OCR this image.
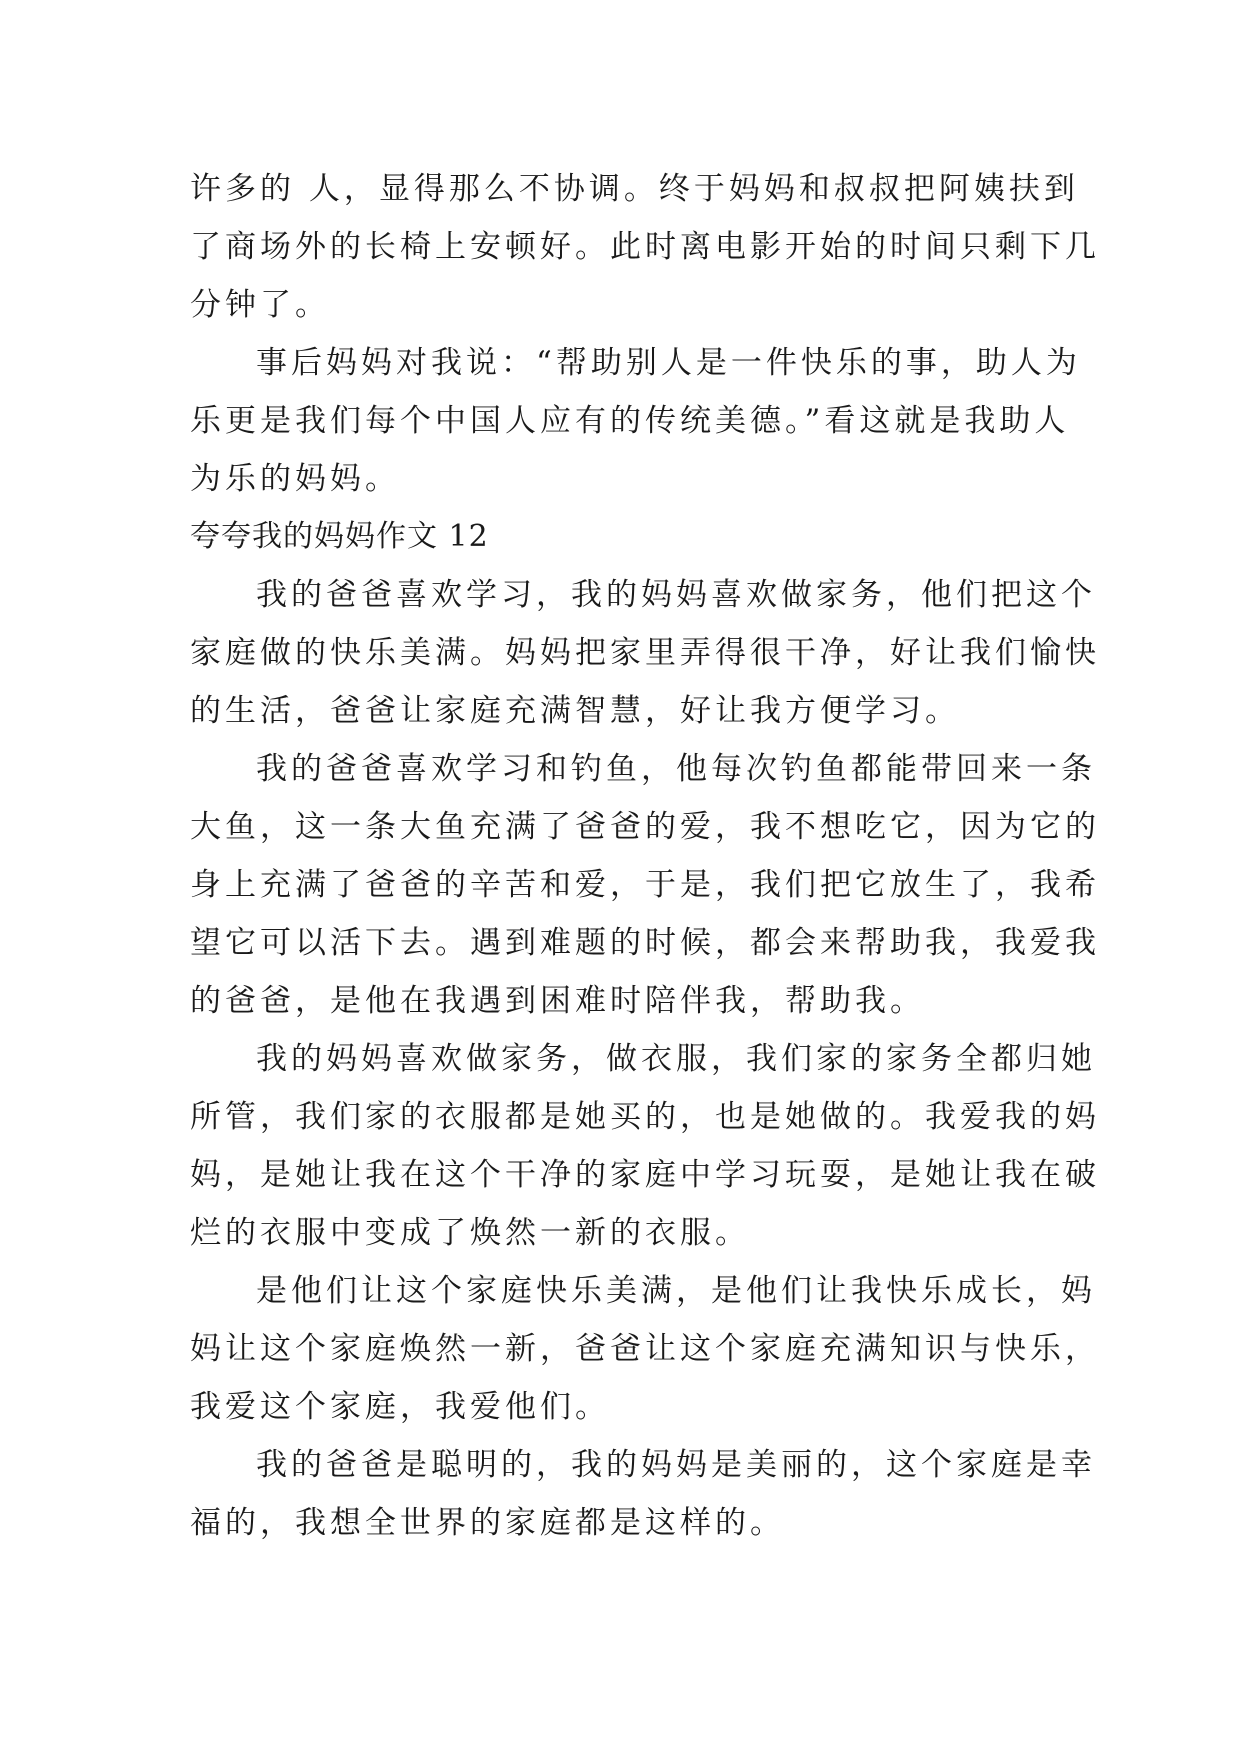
许多的 人，显得那么不协调。终于妈妈和叔叔把阿姨扶到
了商场外的长椅上安顿好。此时离电影开始的时间只剩下几
分钟了。
事后妈妈对我说：“帮助别人是一件快乐的事，助人为
乐更是我们每个中国人应有的传统美德。”看这就是我助人
为乐的妈妈。
夸夸我的妈妈作文 12
我的爸爸喜欢学习，我的妈妈喜欢做家务，他们把这个
家庭做的快乐美满。妈妈把家里弄得很干净，好让我们愉快
的生活，爸爸让家庭充满智慧，好让我方便学习。
我的爸爸喜欢学习和钓鱼，他每次钓鱼都能带回来一条
大鱼，这一条大鱼充满了爸爸的爱，我不想吃它，因为它的
身上充满了爸爸的辛苦和爱，于是，我们把它放生了，我希
望它可以活下去。遇到难题的时候，都会来帮助我，我爱我
的爸爸，是他在我遇到困难时陪伴我，帮助我。
我的妈妈喜欢做家务，做衣服，我们家的家务全都归她
所管，我们家的衣服都是她买的，也是她做的。我爱我的妈
妈，是她让我在这个干净的家庭中学习玩耍，是她让我在破
烂的衣服中变成了焕然一新的衣服。
是他们让这个家庭快乐美满，是他们让我快乐成长，妈
妈让这个家庭焕然一新，爸爸让这个家庭充满知识与快乐，
我爱这个家庭，我爱他们。
我的爸爸是聪明的，我的妈妈是美丽的，这个家庭是幸
福的，我想全世界的家庭都是这样的。
